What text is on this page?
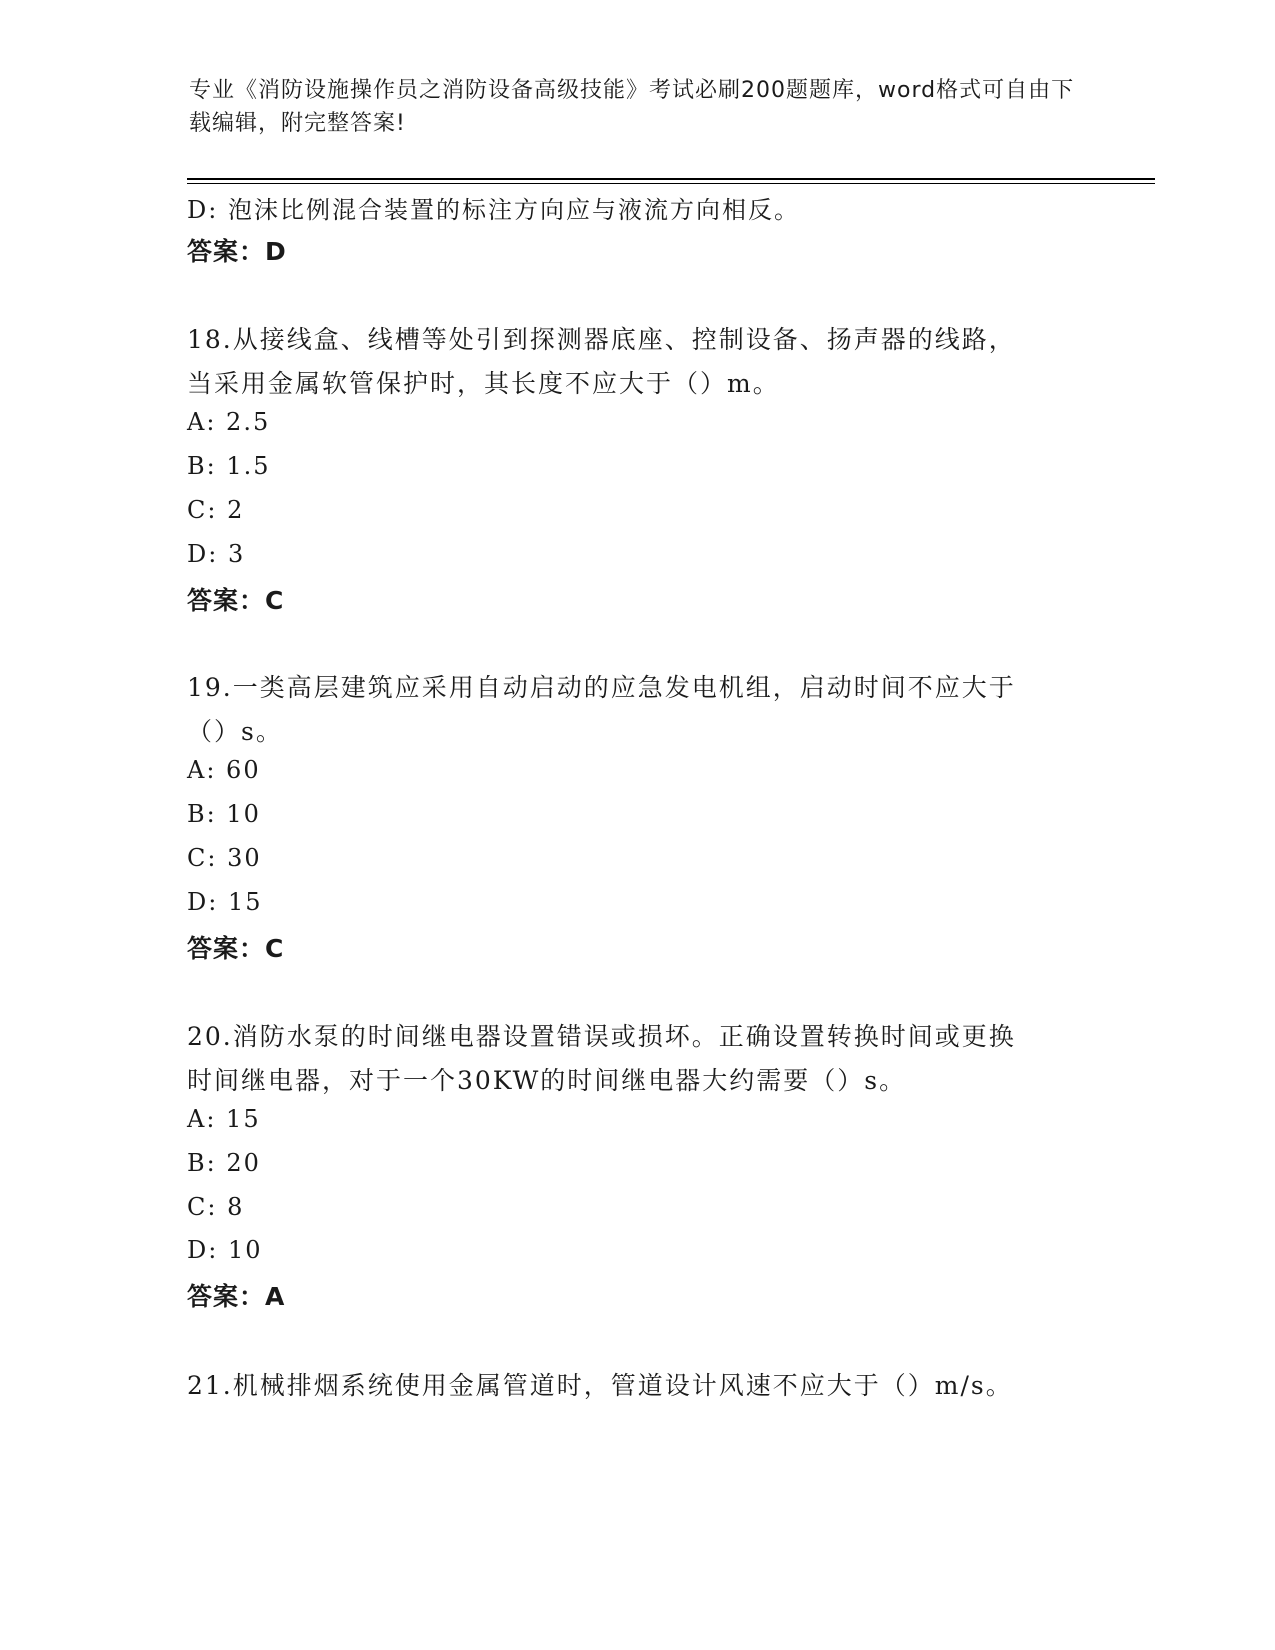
专业《消防设施操作员之消防设备高级技能》考试必刷200题题库，word格式可自由下载编辑，附完整答案!
D: 泡沫比例混合装置的标注方向应与液流方向相反。
答案：D
18.从接线盒、线槽等处引到探测器底座、控制设备、扬声器的线路，
当采用金属软管保护时，其长度不应大于（）m。
A: 2.5
B: 1.5
C: 2
D: 3
答案：C
19.一类高层建筑应采用自动启动的应急发电机组，启动时间不应大于
（）s。
A: 60
B: 10
C: 30
D: 15
答案：C
20.消防水泵的时间继电器设置错误或损坏。正确设置转换时间或更换
时间继电器，对于一个30KW的时间继电器大约需要（）s。
A: 15
B: 20
C: 8
D: 10
答案：A
21.机械排烟系统使用金属管道时，管道设计风速不应大于（）m/s。
